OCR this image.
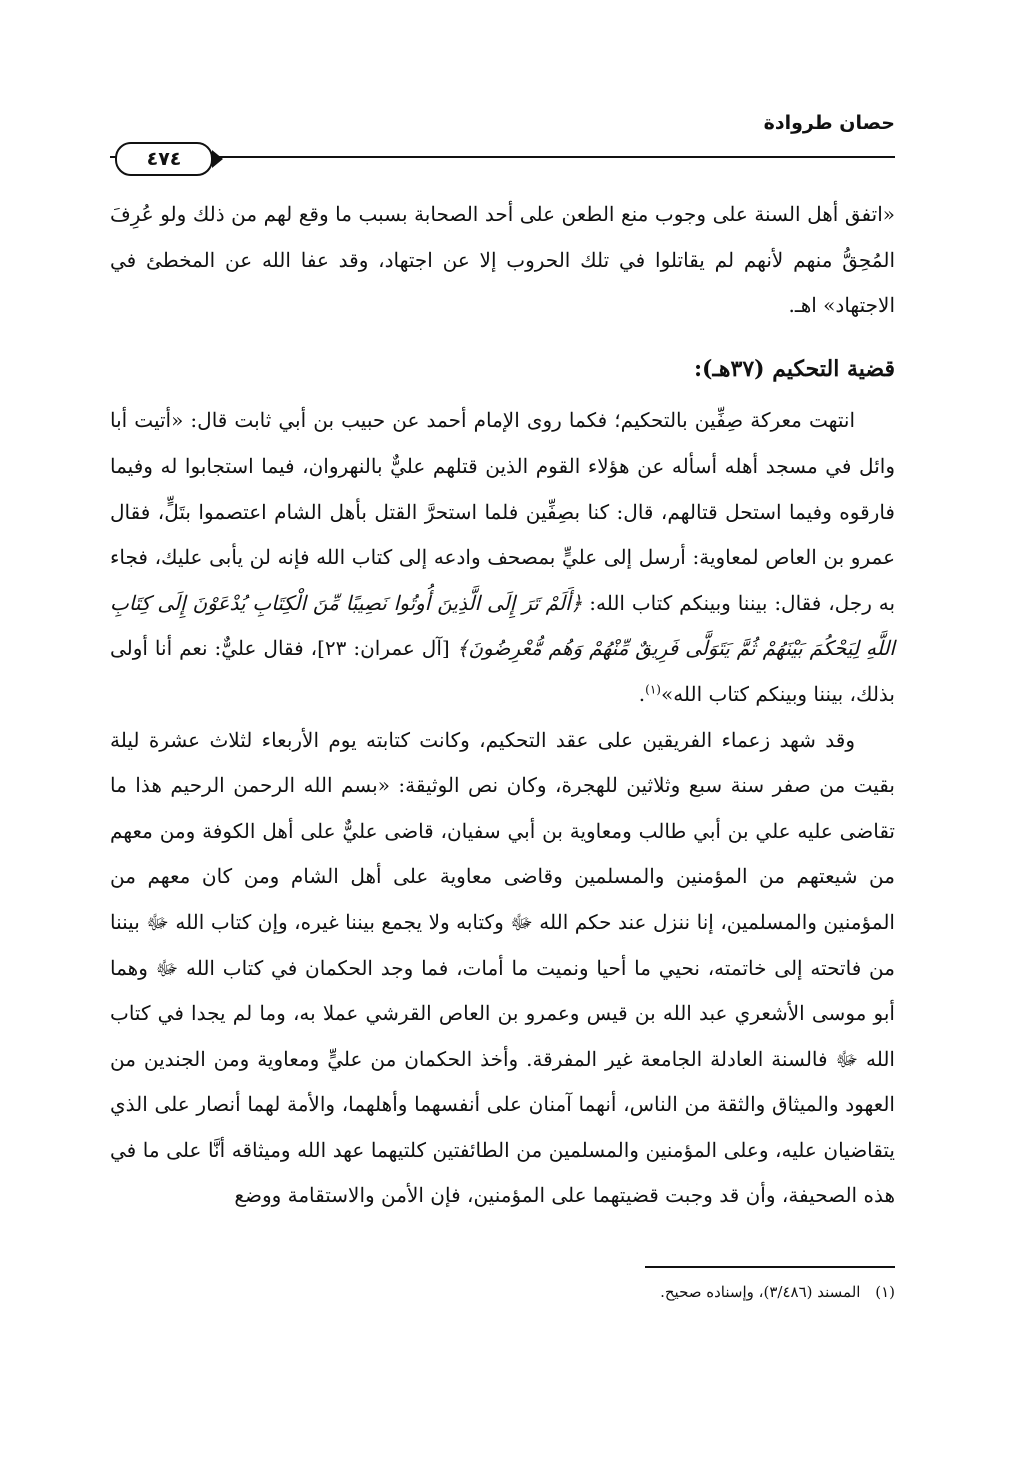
حصان طروادة
٤٧٤

«اتفق أهل السنة على وجوب منع الطعن على أحد الصحابة بسبب ما وقع لهم من ذلك ولو عُرِفَ المُحِقُّ منهم لأنهم لم يقاتلوا في تلك الحروب إلا عن اجتهاد، وقد عفا الله عن المخطئ في الاجتهاد» اهـ.

قضية التحكيم (٣٧هـ):

انتهت معركة صِفِّين بالتحكيم؛ فكما روى الإمام أحمد عن حبيب بن أبي ثابت قال: «أتيت أبا وائل في مسجد أهله أسأله عن هؤلاء القوم الذين قتلهم عليٌّ بالنهروان، فيما استجابوا له وفيما فارقوه وفيما استحل قتالهم، قال: كنا بصِفِّين فلما استحرَّ القتل بأهل الشام اعتصموا بتَلٍّ، فقال عمرو بن العاص لمعاوية: أرسل إلى عليٍّ بمصحف وادعه إلى كتاب الله فإنه لن يأبى عليك، فجاء به رجل، فقال: بيننا وبينكم كتاب الله: ﴿أَلَمْ تَرَ إِلَى الَّذِينَ أُوتُوا نَصِيبًا مِّنَ الْكِتَابِ يُدْعَوْنَ إِلَى كِتَابِ اللَّهِ لِيَحْكُمَ بَيْنَهُمْ ثُمَّ يَتَوَلَّى فَرِيقٌ مِّنْهُمْ وَهُم مُّعْرِضُونَ﴾ [آل عمران: ٢٣]، فقال عليٌّ: نعم أنا أولى بذلك، بيننا وبينكم كتاب الله»$^{(١)}$.

وقد شهد زعماء الفريقين على عقد التحكيم، وكانت كتابته يوم الأربعاء لثلاث عشرة ليلة بقيت من صفر سنة سبع وثلاثين للهجرة، وكان نص الوثيقة: «بسم الله الرحمن الرحيم هذا ما تقاضى عليه علي بن أبي طالب ومعاوية بن أبي سفيان، قاضى عليٌّ على أهل الكوفة ومن معهم من شيعتهم من المؤمنين والمسلمين وقاضى معاوية على أهل الشام ومن كان معهم من المؤمنين والمسلمين، إنا ننزل عند حكم الله ﷻ وكتابه ولا يجمع بيننا غيره، وإن كتاب الله ﷻ بيننا من فاتحته إلى خاتمته، نحيي ما أحيا ونميت ما أمات، فما وجد الحكمان في كتاب الله ﷻ وهما أبو موسى الأشعري عبد الله بن قيس وعمرو بن العاص القرشي عملا به، وما لم يجدا في كتاب الله ﷻ فالسنة العادلة الجامعة غير المفرقة. وأخذ الحكمان من عليٍّ ومعاوية ومن الجندين من العهود والميثاق والثقة من الناس، أنهما آمنان على أنفسهما وأهلهما، والأمة لهما أنصار على الذي يتقاضيان عليه، وعلى المؤمنين والمسلمين من الطائفتين كلتيهما عهد الله وميثاقه أنَّا على ما في هذه الصحيفة، وأن قد وجبت قضيتهما على المؤمنين، فإن الأمن والاستقامة ووضع

(١) المسند (٣/٤٨٦)، وإسناده صحيح.
